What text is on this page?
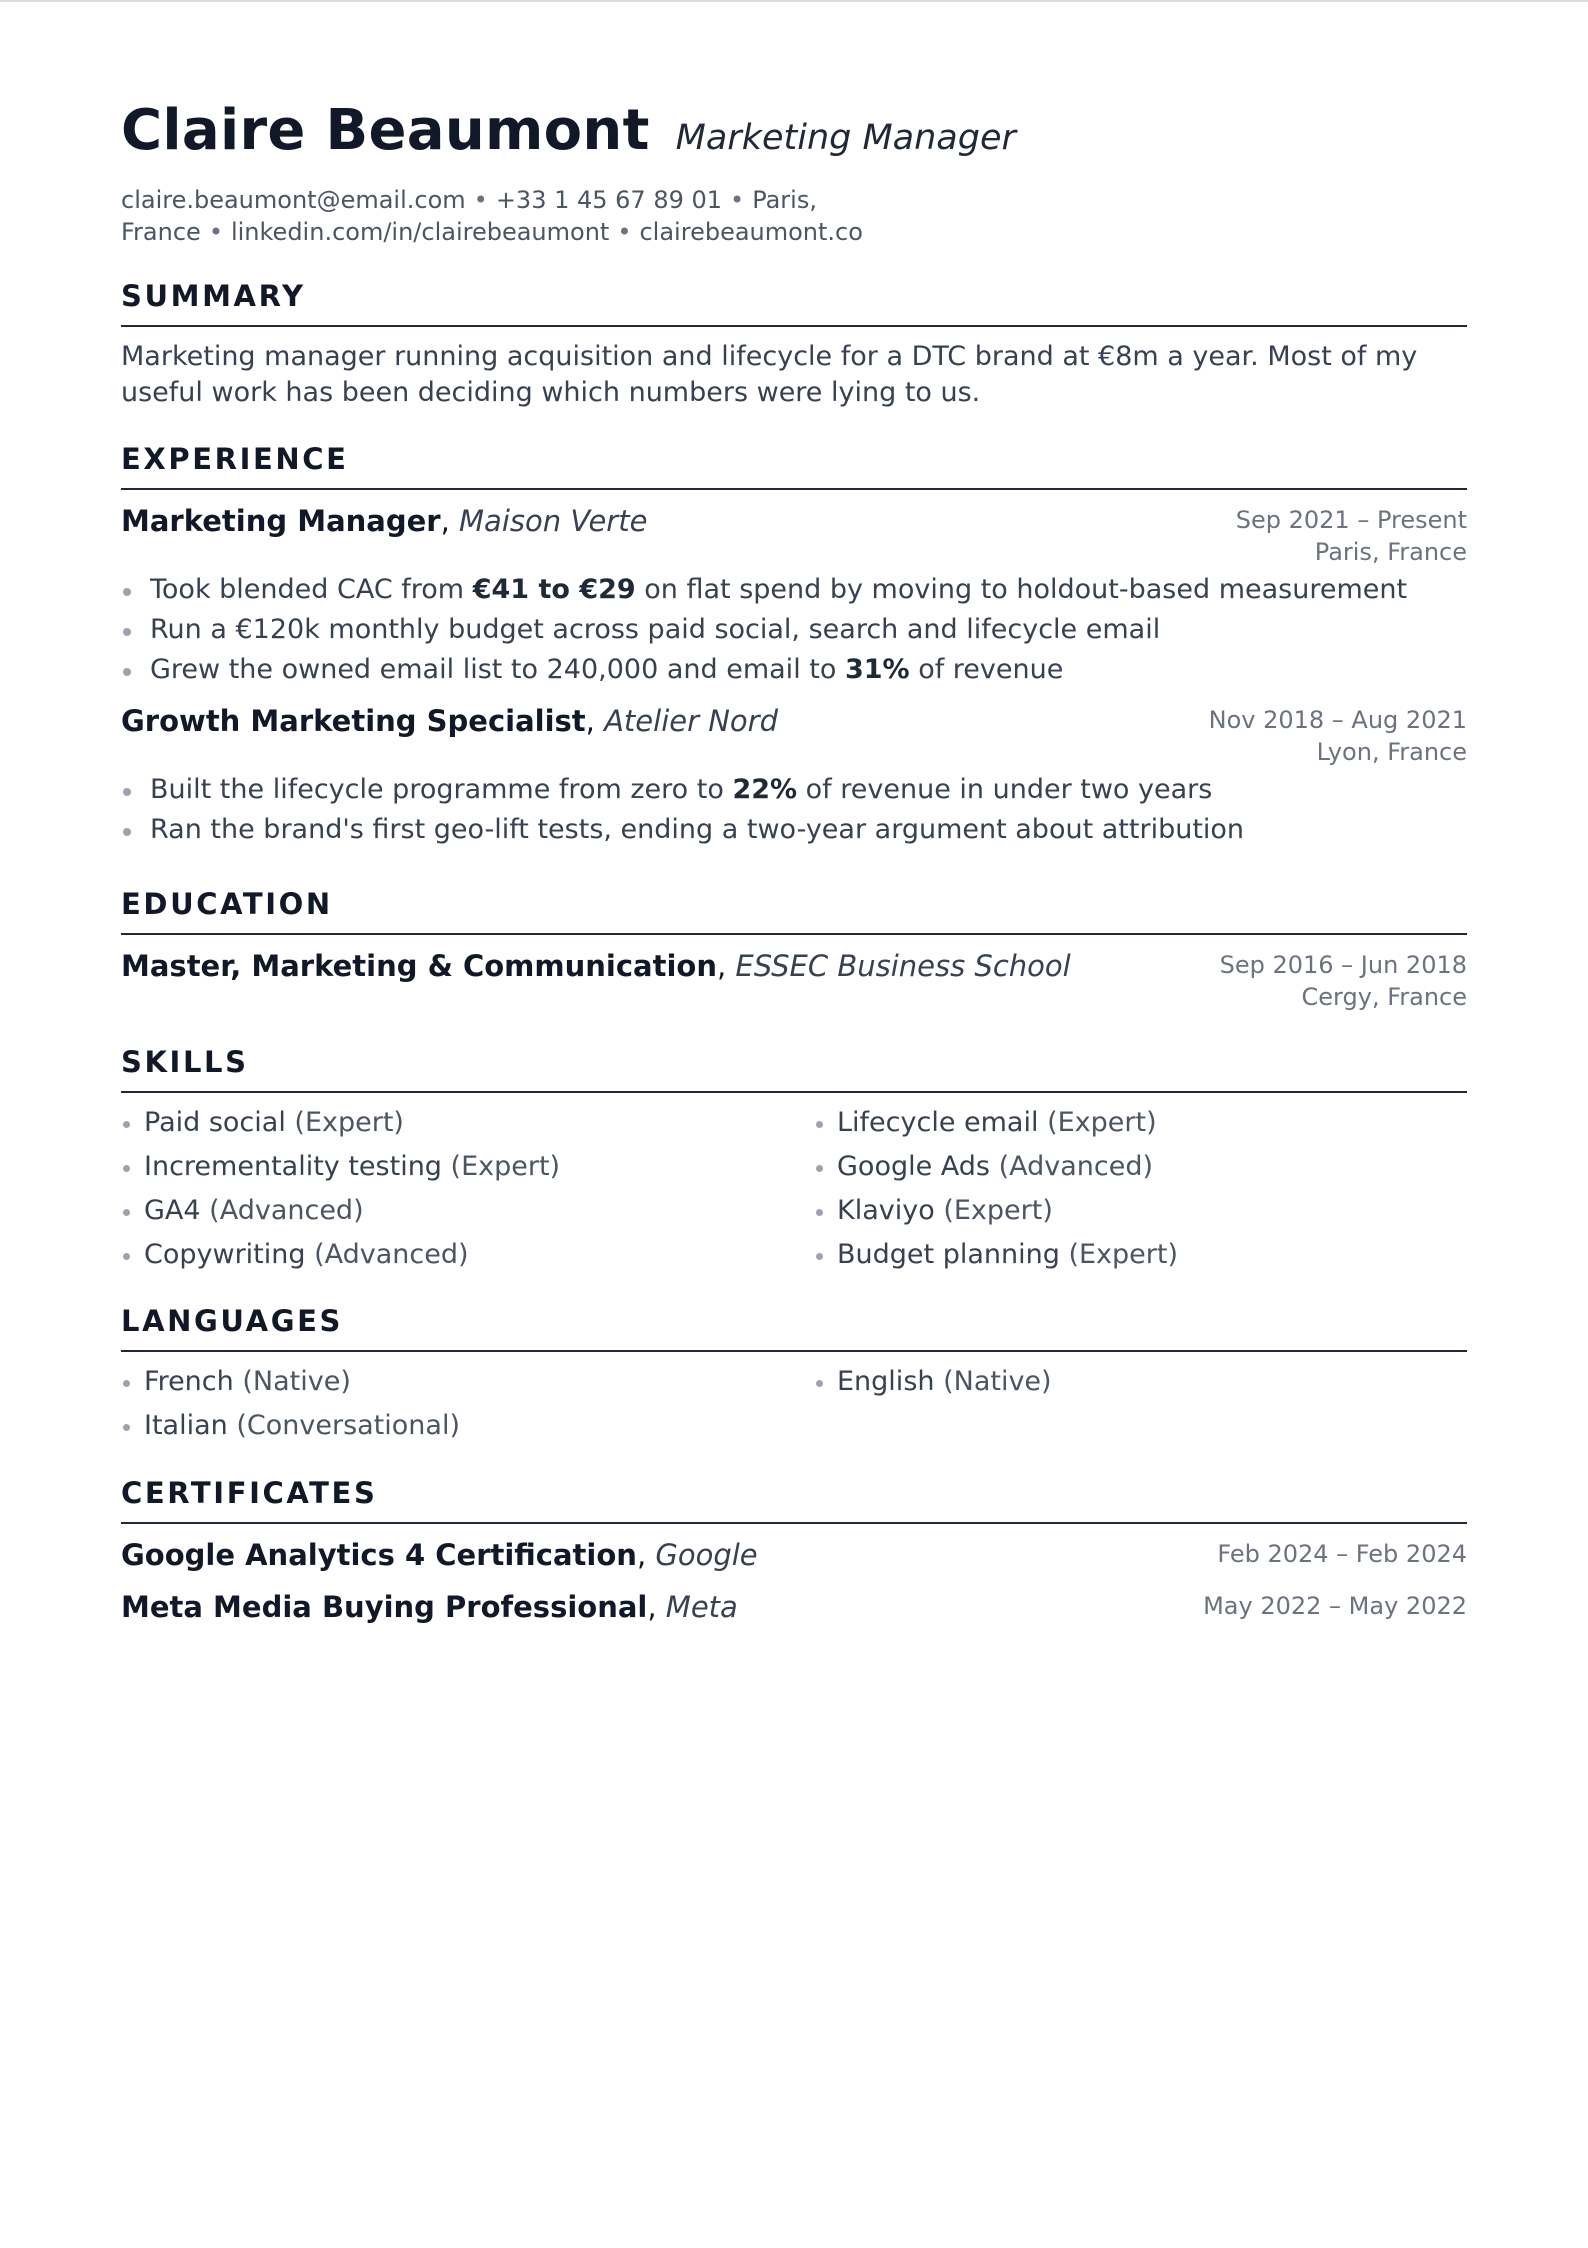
Claire Beaumont Marketing Manager
claire.beaumont@email.com • +33 1 45 67 89 01 • Paris,
France • linkedin.com/in/clairebeaumont • clairebeaumont.co
SUMMARY
Marketing manager running acquisition and lifecycle for a DTC brand at €8m a year. Most of my useful work has been deciding which numbers were lying to us.
EXPERIENCE
Marketing Manager, Maison Verte	Sep 2021 – Present
Paris, France
Took blended CAC from €41 to €29 on flat spend by moving to holdout-based measurement
Run a €120k monthly budget across paid social, search and lifecycle email
Grew the owned email list to 240,000 and email to 31% of revenue
Growth Marketing Specialist, Atelier Nord	Nov 2018 – Aug 2021
Lyon, France
Built the lifecycle programme from zero to 22% of revenue in under two years
Ran the brand's first geo-lift tests, ending a two-year argument about attribution
EDUCATION
Master, Marketing & Communication, ESSEC Business School	Sep 2016 – Jun 2018
Cergy, France
SKILLS
Paid social (Expert)	Lifecycle email (Expert)
Incrementality testing (Expert)	Google Ads (Advanced)
GA4 (Advanced)	Klaviyo (Expert)
Copywriting (Advanced)	Budget planning (Expert)
LANGUAGES
French (Native)	English (Native)
Italian (Conversational)
CERTIFICATES
Google Analytics 4 Certification, Google	Feb 2024 – Feb 2024
Meta Media Buying Professional, Meta	May 2022 – May 2022
